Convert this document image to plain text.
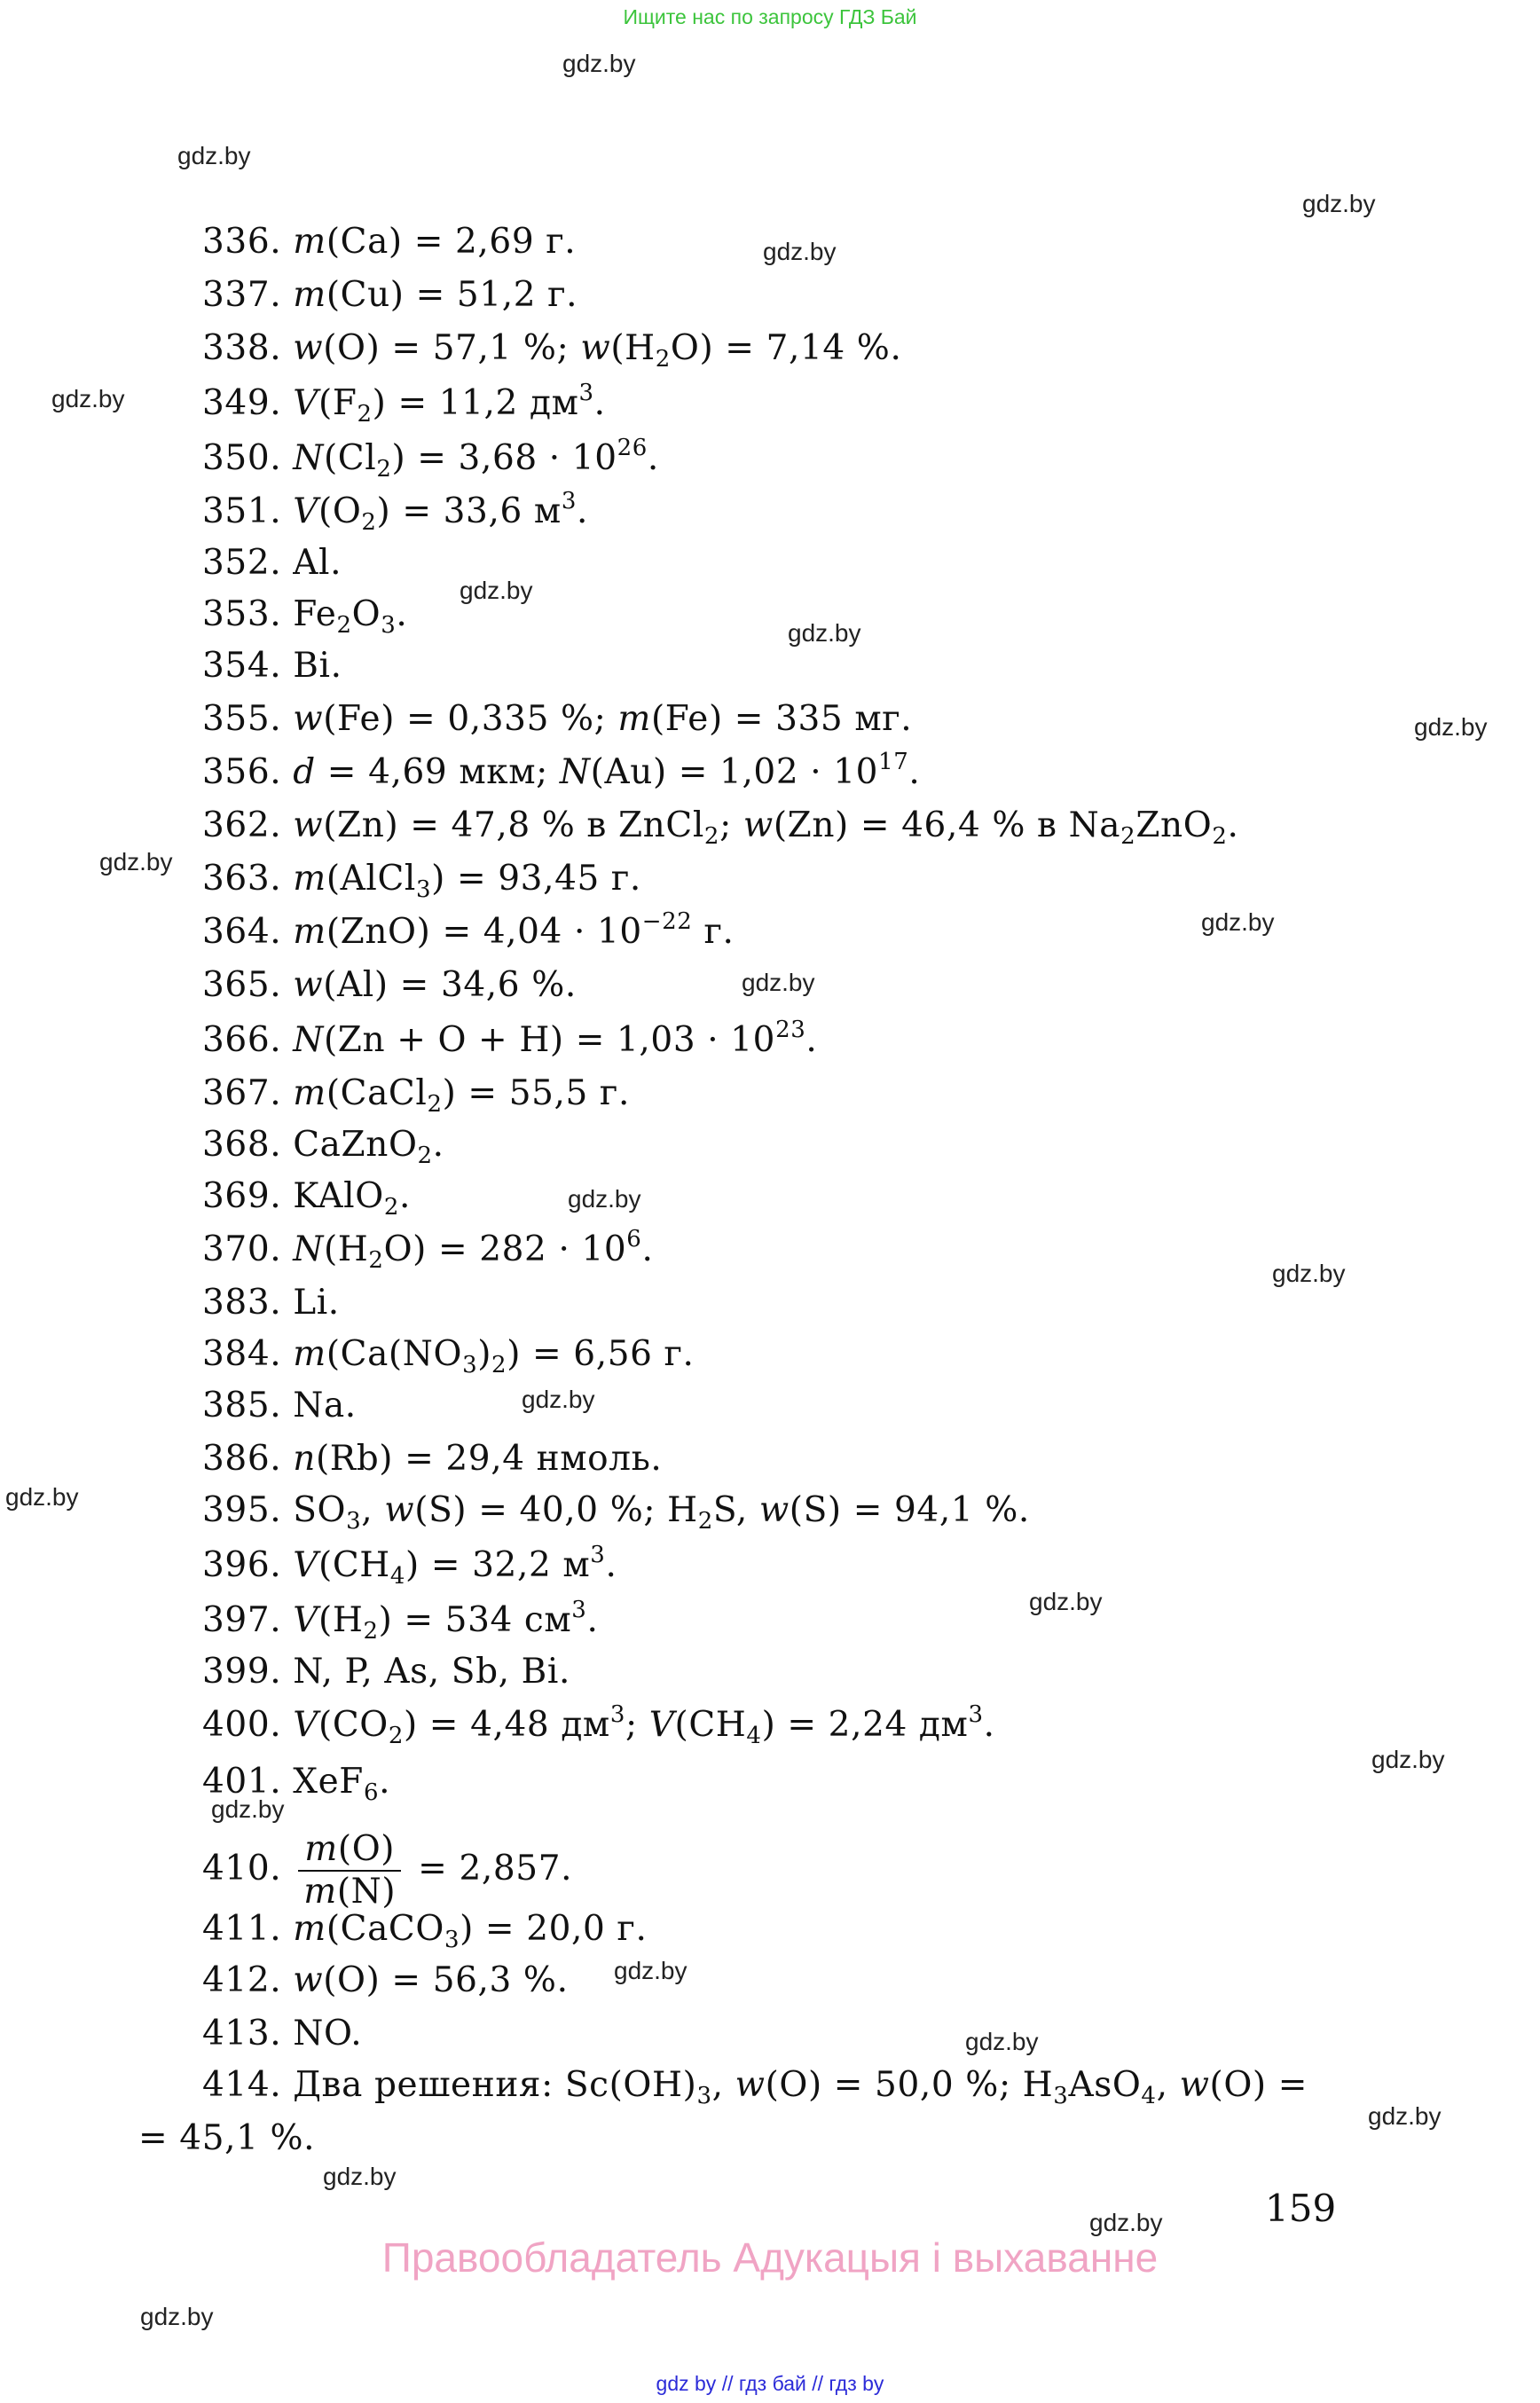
Ищите нас по запросу ГДЗ Бай
336. m(Ca) = 2,69 г.
337. m(Cu) = 51,2 г.
338. w(O) = 57,1 %; $w(H_2O) = 7,14$ %.
349. $V(F_2) = 11,2$ $дм^3$.
350. $N(Cl_2) = 3,68 \cdot 10^{26}$.
351. $V(O_2) = 33,6$ $м^3$.
352. Al.
353. $Fe_2O_3$.
354. Bi.
355. w(Fe) = 0,335 %; m(Fe) = 335 мг.
356. d = 4,69 мкм; $N(Au) = 1,02 \cdot 10^{17}$.
362. w(Zn) = 47,8 % в ZnCl$_2$; w(Zn) = 46,4 % в $Na_2ZnO_2$.
363. m(AlCl$_3$) = 93,45 г.
364. $m(ZnO) = 4,04 \cdot 10^{-22}$ г.
365. w(Al) = 34,6 %.
366. $N(Zn + O + H) = 1,03 \cdot 10^{23}$.
367. m(CaCl$_2$) = 55,5 г.
368. CaZnO$_2$.
369. KAlO$_2$.
370. $N(H_2O) = 282 \cdot 10^6$.
383. Li.
384. $m(Ca(NO_3)_2) = 6,56$ г.
385. Na.
386. n(Rb) = 29,4 нмоль.
395. $SO_3$, w(S) = 40,0 %; $H_2S$, w(S) = 94,1 %.
396. $V(CH_4) = 32,2$ $м^3$.
397. $V(H_2) = 534$ $см^3$.
399. N, P, As, Sb, Bi.
400. $V(CO_2) = 4,48$ $дм^3$; $V(CH_4) = 2,24$ $дм^3$.
401. XeF$_6$.
410. $\frac{m(O)}{m(N)} = 2,857$.
411. m(CaCO$_3$) = 20,0 г.
412. w(O) = 56,3 %.
413. NO.
414. Два решения: $Sc(OH)_3$, w(O) = 50,0 %; $H_3AsO_4$, w(O) =
= 45,1 %.
gdz.by
gdz.by
gdz.by
gdz.by
gdz.by
gdz.by
gdz.by
gdz.by
gdz.by
gdz.by
gdz.by
gdz.by
gdz.by
gdz.by
gdz.by
gdz.by
gdz.by
gdz.by
gdz.by
gdz.by
gdz.by
gdz.by
gdz.by
gdz.by
159
Правообладатель Адукацыя і выхаванне
gdz by // гдз бай // гдз by
